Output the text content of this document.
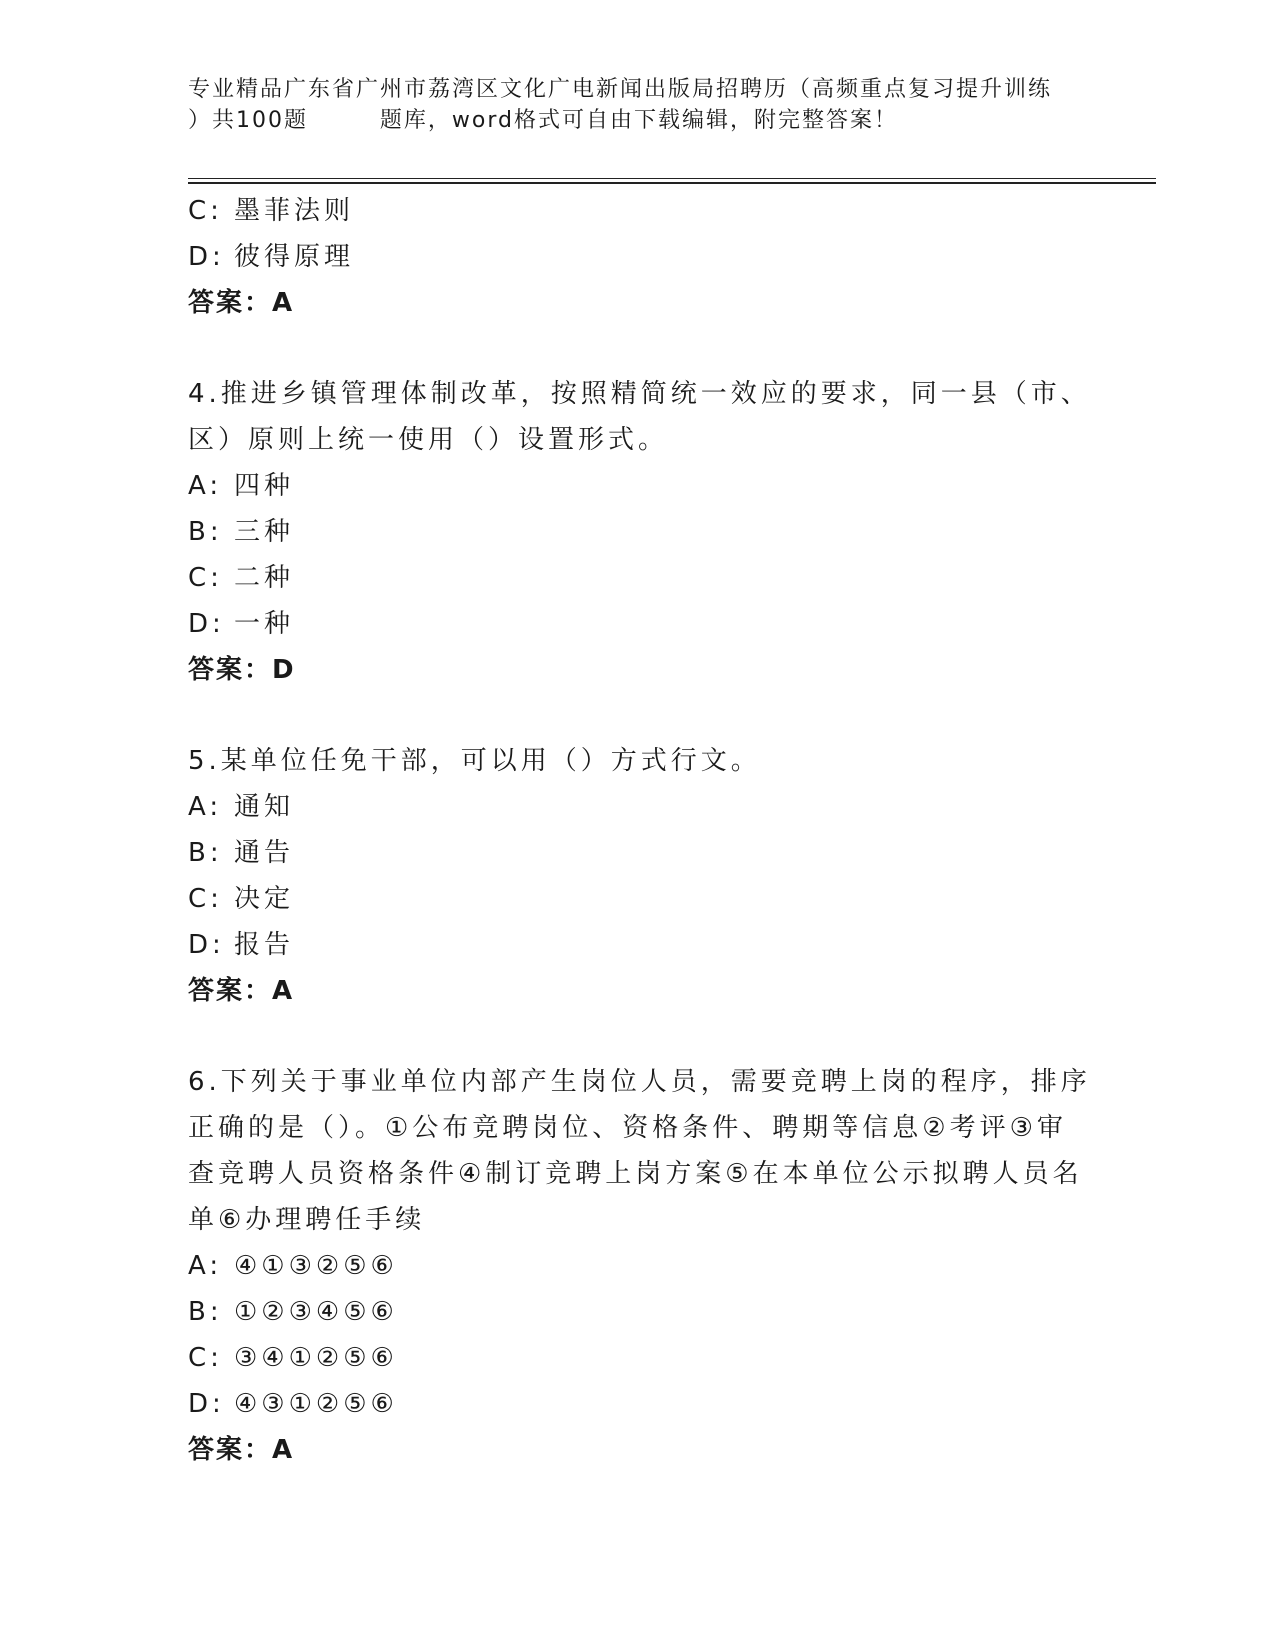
专业精品广东省广州市荔湾区文化广电新闻出版局招聘历（高频重点复习提升训练
）共100题        题库，word格式可自由下载编辑，附完整答案！
C: 墨菲法则
D: 彼得原理
答案：A
4.推进乡镇管理体制改革，按照精简统一效应的要求，同一县（市、
区）原则上统一使用（）设置形式。
A: 四种
B: 三种
C: 二种
D: 一种
答案：D
5.某单位任免干部，可以用（）方式行文。
A: 通知
B: 通告
C: 决定
D: 报告
答案：A
6.下列关于事业单位内部产生岗位人员，需要竞聘上岗的程序，排序
正确的是（）。①公布竞聘岗位、资格条件、聘期等信息②考评③审
查竞聘人员资格条件④制订竞聘上岗方案⑤在本单位公示拟聘人员名
单⑥办理聘任手续
A: ④①③②⑤⑥
B: ①②③④⑤⑥
C: ③④①②⑤⑥
D: ④③①②⑤⑥
答案：A
